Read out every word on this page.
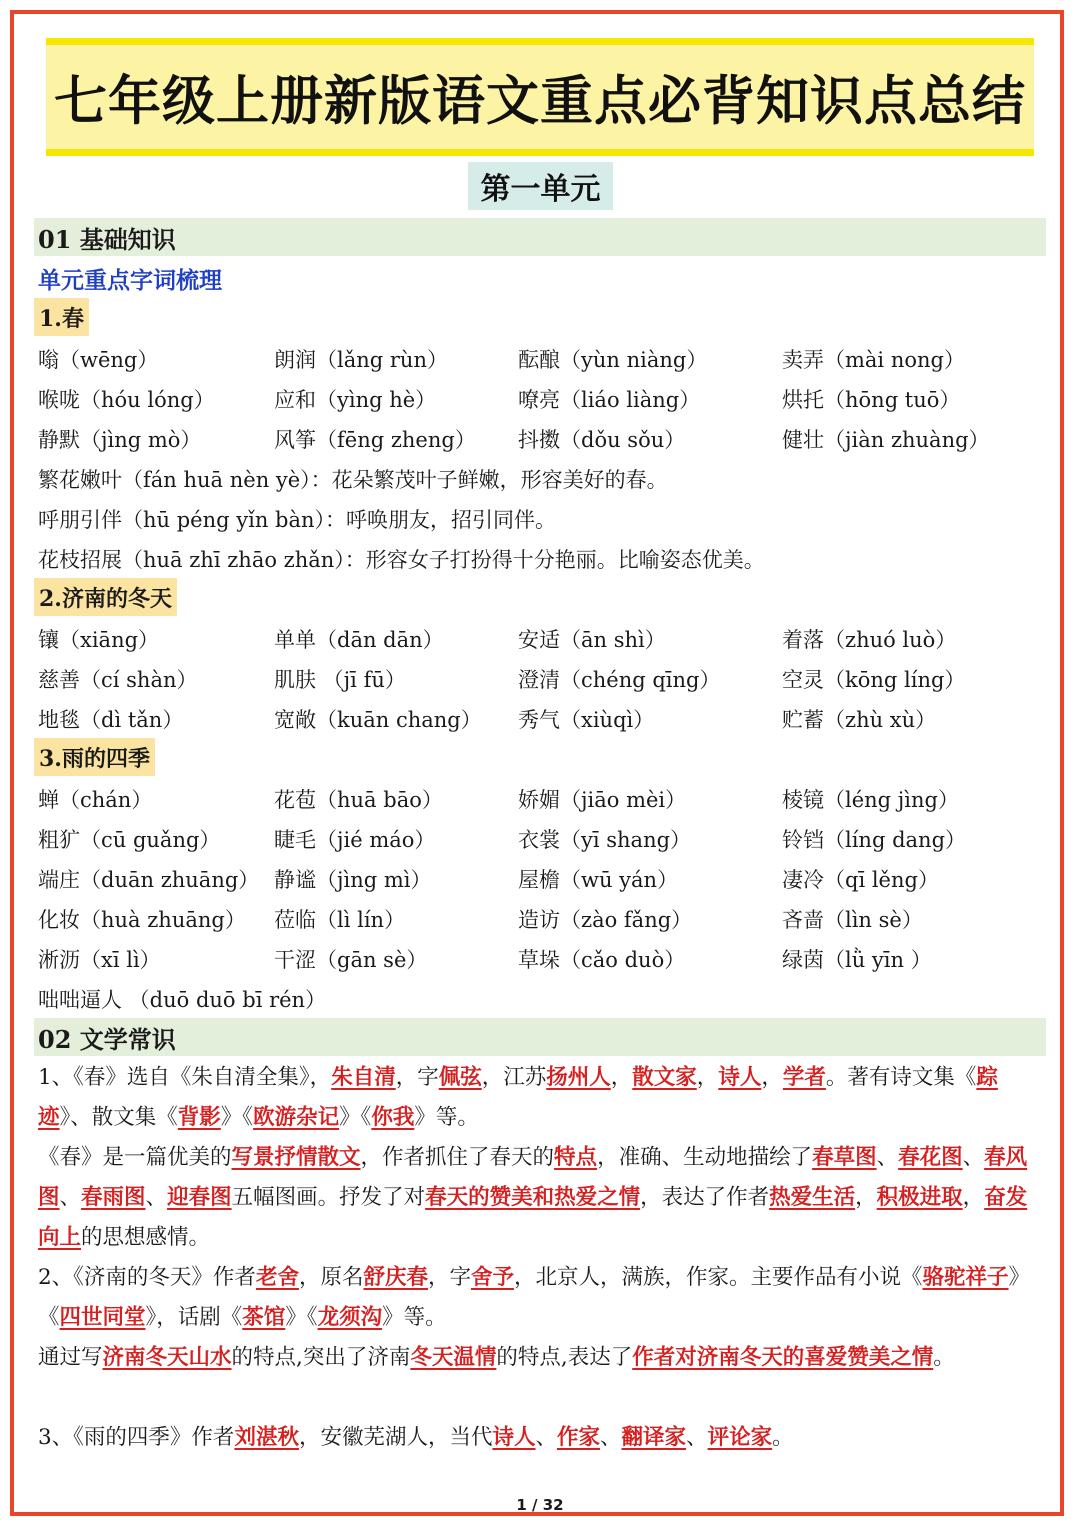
七年级上册新版语文重点必背知识点总结
第一单元
01 基础知识
单元重点字词梳理
1.春
嗡（wēng）	朗润（lǎng rùn）	酝酿（yùn niàng）	卖弄（mài nong）
喉咙（hóu lóng）	应和（yìng hè）	嘹亮（liáo liàng）	烘托（hōng tuō）
静默（jìng mò）	风筝（fēng zheng） 抖擞（dǒu sǒu）	健壮（jiàn zhuàng）
繁花嫩叶（fán huā nèn yè）：花朵繁茂叶子鲜嫩，形容美好的春。
呼朋引伴（hū péng yǐn bàn）：呼唤朋友，招引同伴。
花枝招展（huā zhī zhāo zhǎn）：形容女子打扮得十分艳丽。比喻姿态优美。
2.济南的冬天
镶（xiāng）	单单（dān dān）	安适（ān shì）	着落（zhuó luò）
慈善（cí shàn）	肌肤 （jī fū）	澄清（chéng qīng）	空灵（kōng líng）
地毯（dì tǎn）	宽敞（kuān chang） 秀气（xiùqì）	贮蓄（zhù xù）
3.雨的四季
蝉（chán）	花苞（huā bāo）	娇媚（jiāo mèi）	棱镜（léng jìng）
粗犷（cū guǎng）	睫毛（jié máo）	衣裳（yī shang）	铃铛（líng dang）
端庄（duān zhuāng） 静谧（jìng mì）	屋檐（wū yán）	凄冷（qī lěng）
化妆（huà zhuāng） 莅临（lì lín）	造访（zào fǎng）	吝啬（lìn sè）
淅沥（xī lì）	干涩（gān sè）	草垛（cǎo duò）	绿茵（lǜ yīn ）
咄咄逼人 （duō duō bī rén）
02 文学常识
1、《春》选自《朱自清全集》，朱自清，字佩弦，江苏扬州人，散文家，诗人，学者。著有诗文集《踪迹》、散文集《背影》《欧游杂记》《你我》等。
《春》是一篇优美的写景抒情散文，作者抓住了春天的特点，准确、生动地描绘了春草图、春花图、春风图、春雨图、迎春图五幅图画。抒发了对春天的赞美和热爱之情，表达了作者热爱生活，积极进取，奋发向上的思想感情。
2、《济南的冬天》作者老舍，原名舒庆春，字舍予，北京人，满族，作家。主要作品有小说《骆驼祥子》《四世同堂》，话剧《茶馆》《龙须沟》等。
通过写济南冬天山水的特点,突出了济南冬天温情的特点,表达了作者对济南冬天的喜爱赞美之情。
3、《雨的四季》作者刘湛秋，安徽芜湖人，当代诗人、作家、翻译家、评论家。
1 / 32
